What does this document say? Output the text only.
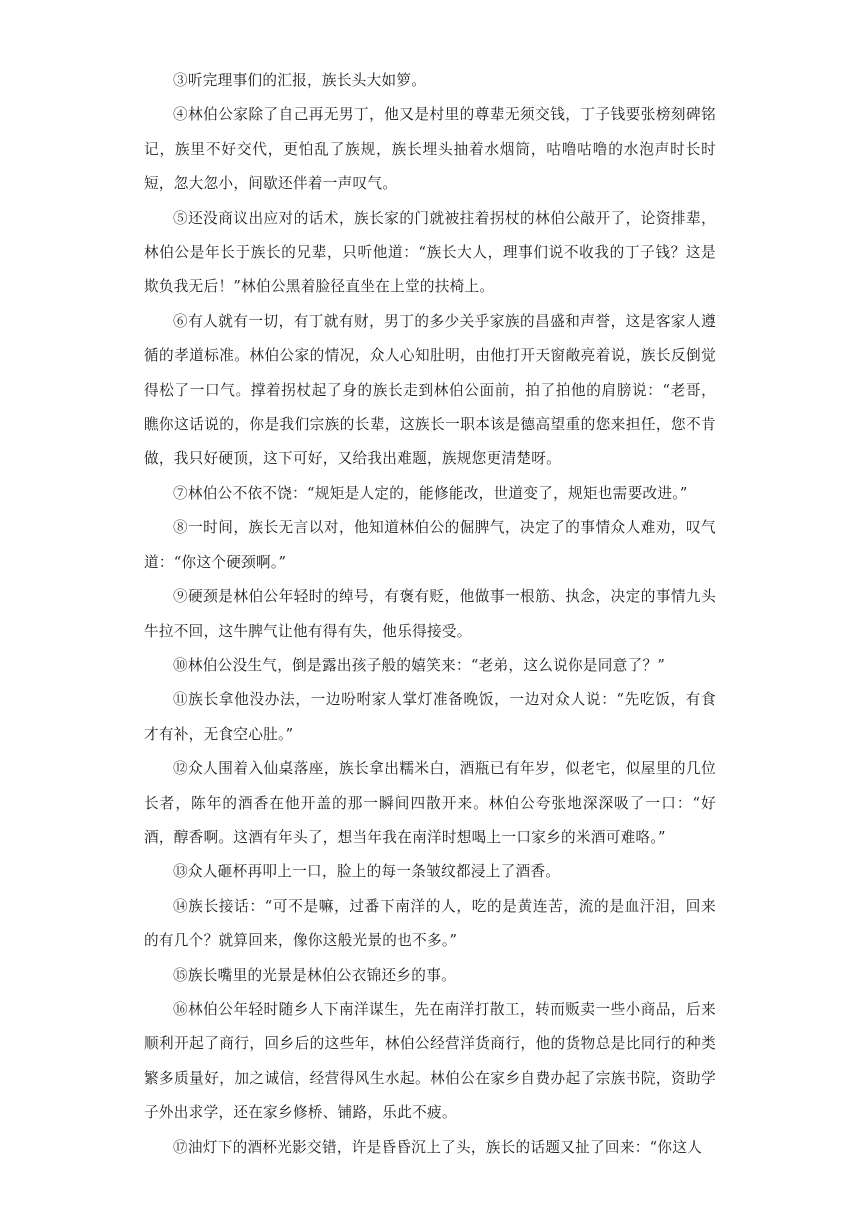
③听完理事们的汇报，族长头大如箩。

④林伯公家除了自己再无男丁，他又是村里的尊辈无须交钱，丁子钱要张榜刻碑铭记，族里不好交代，更怕乱了族规，族长埋头抽着水烟筒，咕噜咕噜的水泡声时长时短，忽大忽小，间歇还伴着一声叹气。

⑤还没商议出应对的话术，族长家的门就被拄着拐杖的林伯公敲开了，论资排辈，林伯公是年长于族长的兄辈，只听他道：“族长大人，理事们说不收我的丁子钱？这是欺负我无后！”林伯公黑着脸径直坐在上堂的扶椅上。

⑥有人就有一切，有丁就有财，男丁的多少关乎家族的昌盛和声誉，这是客家人遵循的孝道标准。林伯公家的情况，众人心知肚明，由他打开天窗敞亮着说，族长反倒觉得松了一口气。撑着拐杖起了身的族长走到林伯公面前，拍了拍他的肩膀说：“老哥，瞧你这话说的，你是我们宗族的长辈，这族长一职本该是德高望重的您来担任，您不肯做，我只好硬顶，这下可好，又给我出难题，族规您更清楚呀。

⑦林伯公不依不饶：“规矩是人定的，能修能改，世道变了，规矩也需要改进。”

⑧一时间，族长无言以对，他知道林伯公的倔脾气，决定了的事情众人难劝，叹气道：“你这个硬颈啊。”

⑨硬颈是林伯公年轻时的绰号，有褒有贬，他做事一根筋、执念，决定的事情九头牛拉不回，这牛脾气让他有得有失，他乐得接受。

⑩林伯公没生气，倒是露出孩子般的嬉笑来：“老弟，这么说你是同意了？”

⑪族长拿他没办法，一边吩咐家人掌灯准备晚饭，一边对众人说：“先吃饭，有食才有补，无食空心肚。”

⑫众人围着入仙桌落座，族长拿出糯米白，酒瓶已有年岁，似老宅，似屋里的几位长者，陈年的酒香在他开盖的那一瞬间四散开来。林伯公夸张地深深吸了一口：“好酒，醇香啊。这酒有年头了，想当年我在南洋时想喝上一口家乡的米酒可难咯。”

⑬众人砸杯再叩上一口，脸上的每一条皱纹都浸上了酒香。

⑭族长接话：“可不是嘛，过番下南洋的人，吃的是黄连苦，流的是血汗泪，回来的有几个？就算回来，像你这般光景的也不多。”

⑮族长嘴里的光景是林伯公衣锦还乡的事。

⑯林伯公年轻时随乡人下南洋谋生，先在南洋打散工，转而贩卖一些小商品，后来顺利开起了商行，回乡后的这些年，林伯公经营洋货商行，他的货物总是比同行的种类繁多质量好，加之诚信，经营得风生水起。林伯公在家乡自费办起了宗族书院，资助学子外出求学，还在家乡修桥、铺路，乐此不疲。

⑰油灯下的酒杯光影交错，许是昏昏沉上了头，族长的话题又扯了回来：“你这人
